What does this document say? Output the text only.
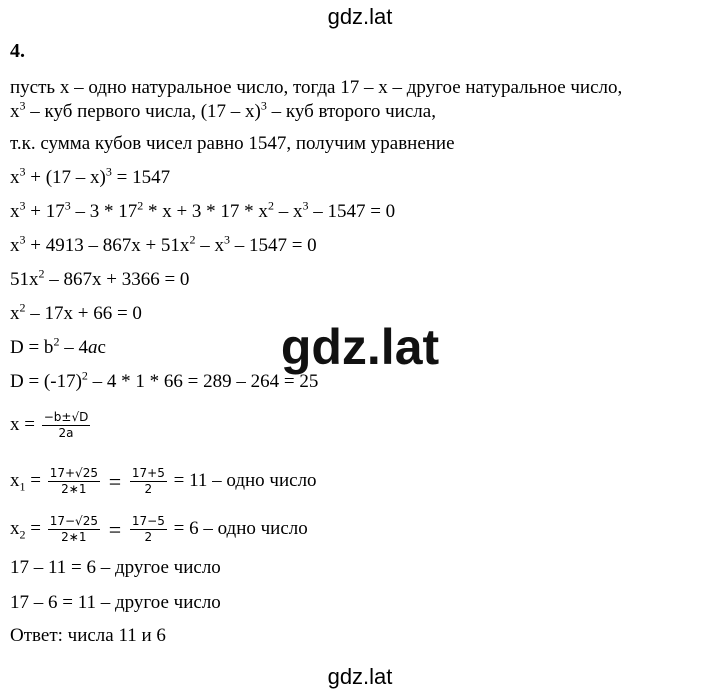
gdz.lat
gdz.lat
gdz.lat
4.
пусть x – одно натуральное число, тогда 17 – x – другое натуральное число,
$x^3$ – куб первого числа, (17 – x)$^3$ – куб второго числа,
т.к. сумма кубов чисел равно 1547, получим уравнение
$x^3 + (17 - x)^3 = 1547$
$x^3 + 17^3 - 3 * 17^2 * x + 3 * 17 * x^2 - x^3 - 1547 = 0$
$x^3 + 4913 - 867x + 51x^2 - x^3 - 1547 = 0$
$51x^2 - 867x + 3366 = 0$
$x^2 - 17x + 66 = 0$
$D = b^2 - 4ac$
$D = (-17)^2 - 4 * 1 * 66 = 289 - 264 = 25$
$x = \frac{-b\pm√D}{2a}$
$x_1 = \frac{17+√25}{2∗1} = \frac{17+5}{2} = 11$ – одно число
$x_2 = \frac{17-√25}{2∗1} = \frac{17-5}{2} = 6$ – одно число
17 – 11 = 6 – другое число
17 – 6 = 11 – другое число
Ответ: числа 11 и 6
